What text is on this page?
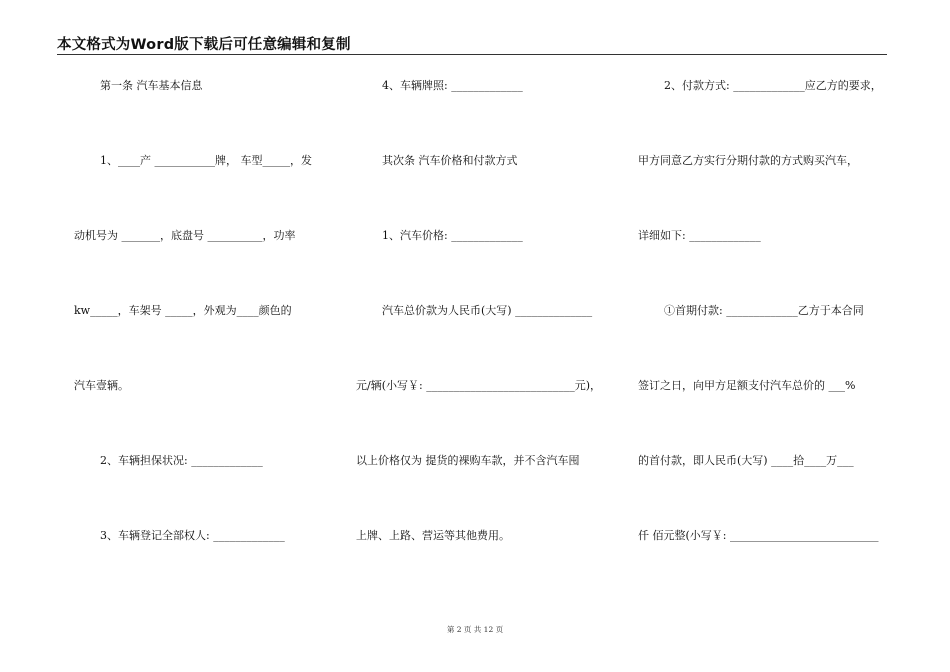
本文格式为Word版下载后可任意编辑和复制
第一条 汽车基本信息
1、____产 ___________牌， 车型_____，发
动机号为 _______，底盘号 __________，功率
kw_____，车架号 _____，外观为____颜色的
汽车壹辆。
2、车辆担保状况: _____________
3、车辆登记全部权人: _____________
4、车辆牌照: _____________
其次条 汽车价格和付款方式
1、汽车价格: _____________
汽车总价款为人民币(大写) ______________
元/辆(小写￥: ___________________________元)，
以上价格仅为 提货的裸购车款，并不含汽车囤
上牌、上路、营运等其他费用。
2、付款方式: _____________应乙方的要求，
甲方同意乙方实行分期付款的方式购买汽车，
详细如下: _____________
①首期付款: _____________乙方于本合同
签订之日，向甲方足额支付汽车总价的 ___%
的首付款，即人民币(大写) ____拾____万___
仟 佰元整(小写￥: ___________________________
第 2 页 共 12 页
